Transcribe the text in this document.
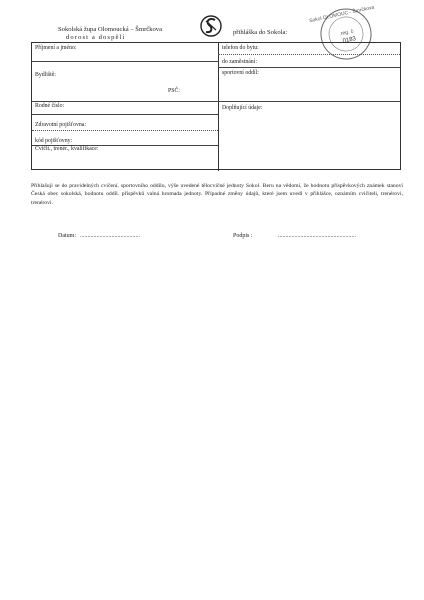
Sokolská župa Olomoucká – Šmrčkova
dorost a dospělí
přihláška do Sokola:
Sokol OLOMOUC - Šmrčkova
reg. č.
0183
Příjmení a jméno:
Bydliště:
PSČ:
Rodné číslo:
Zdravotní pojišťovna:
kód pojišťovny:
Cvičit., trenér., kvalifikace:
telefon do bytu:
do zaměstnání:
sportovní oddíl:
Doplňující údaje:
Přihlašuji se do pravidelných cvičení, sportovního oddílu, výše uvedené tělocvičné jednoty Sokol. Beru na vědomí, že hodnotu příspěvkových známek stanoví Česká obec sokolská, hodnotu oddíl. příspěvků valná hromada jednoty. Případné změny údajů, které jsem uvedl v přihlášce, oznámím cvičiteli, trenérovi, trenérovi.
Datum: ........................................	Podpis :	....................................................
